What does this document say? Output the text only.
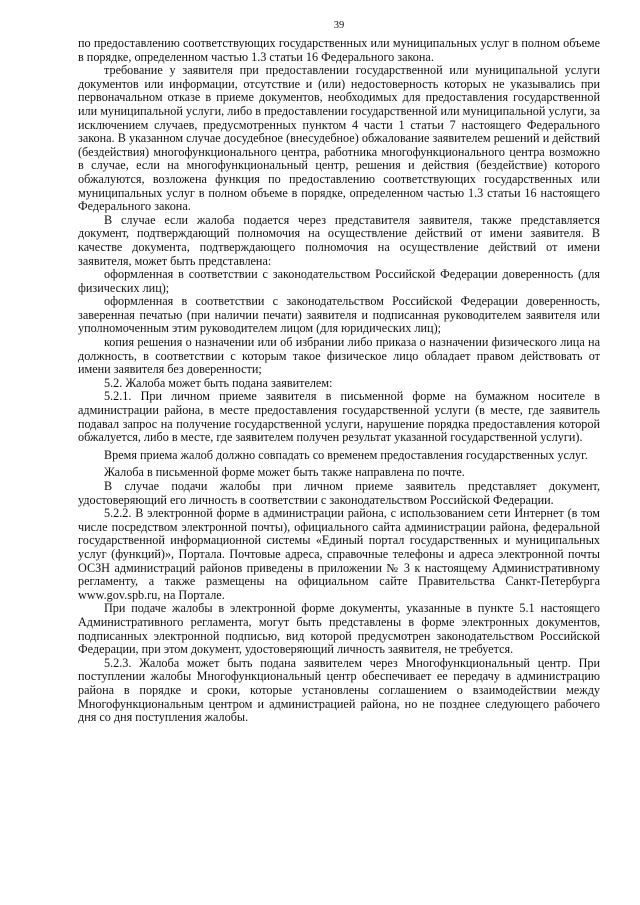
39

по предоставлению соответствующих государственных или муниципальных услуг в полном объеме в порядке, определенном частью 1.3 статьи 16 Федерального закона.

требование у заявителя при предоставлении государственной или муниципальной услуги документов или информации, отсутствие и (или) недостоверность которых не указывались при первоначальном отказе в приеме документов, необходимых для предоставления государственной или муниципальной услуги, либо в предоставлении государственной или муниципальной услуги, за исключением случаев, предусмотренных пунктом 4 части 1 статьи 7 настоящего Федерального закона. В указанном случае досудебное (внесудебное) обжалование заявителем решений и действий (бездействия) многофункционального центра, работника многофункционального центра возможно в случае, если на многофункциональный центр, решения и действия (бездействие) которого обжалуются, возложена функция по предоставлению соответствующих государственных или муниципальных услуг в полном объеме в порядке, определенном частью 1.3 статьи 16 настоящего Федерального закона.

В случае если жалоба подается через представителя заявителя, также представляется документ, подтверждающий полномочия на осуществление действий от имени заявителя. В качестве документа, подтверждающего полномочия на осуществление действий от имени заявителя, может быть представлена:

оформленная в соответствии с законодательством Российской Федерации доверенность (для физических лиц);

оформленная в соответствии с законодательством Российской Федерации доверенность, заверенная печатью (при наличии печати) заявителя и подписанная руководителем заявителя или уполномоченным этим руководителем лицом (для юридических лиц);

копия решения о назначении или об избрании либо приказа о назначении физического лица на должность, в соответствии с которым такое физическое лицо обладает правом действовать от имени заявителя без доверенности;

5.2. Жалоба может быть подана заявителем:

5.2.1. При личном приеме заявителя в письменной форме на бумажном носителе в администрации района, в месте предоставления государственной услуги (в месте, где заявитель подавал запрос на получение государственной услуги, нарушение порядка предоставления которой обжалуется, либо в месте, где заявителем получен результат указанной государственной услуги).

Время приема жалоб должно совпадать со временем предоставления государственных услуг.

Жалоба в письменной форме может быть также направлена по почте.

В случае подачи жалобы при личном приеме заявитель представляет документ, удостоверяющий его личность в соответствии с законодательством Российской Федерации.

5.2.2. В электронной форме в администрации района, с использованием сети Интернет (в том числе посредством электронной почты), официального сайта администрации района, федеральной государственной информационной системы «Единый портал государственных и муниципальных услуг (функций)», Портала. Почтовые адреса, справочные телефоны и адреса электронной почты ОСЗН администраций районов приведены в приложении № 3 к настоящему Административному регламенту, а также размещены на официальном сайте Правительства Санкт-Петербурга www.gov.spb.ru, на Портале.

При подаче жалобы в электронной форме документы, указанные в пункте 5.1 настоящего Административного регламента, могут быть представлены в форме электронных документов, подписанных электронной подписью, вид которой предусмотрен законодательством Российской Федерации, при этом документ, удостоверяющий личность заявителя, не требуется.

5.2.3. Жалоба может быть подана заявителем через Многофункциональный центр. При поступлении жалобы Многофункциональный центр обеспечивает ее передачу в администрацию района в порядке и сроки, которые установлены соглашением о взаимодействии между Многофункциональным центром и администрацией района, но не позднее следующего рабочего дня со дня поступления жалобы.
